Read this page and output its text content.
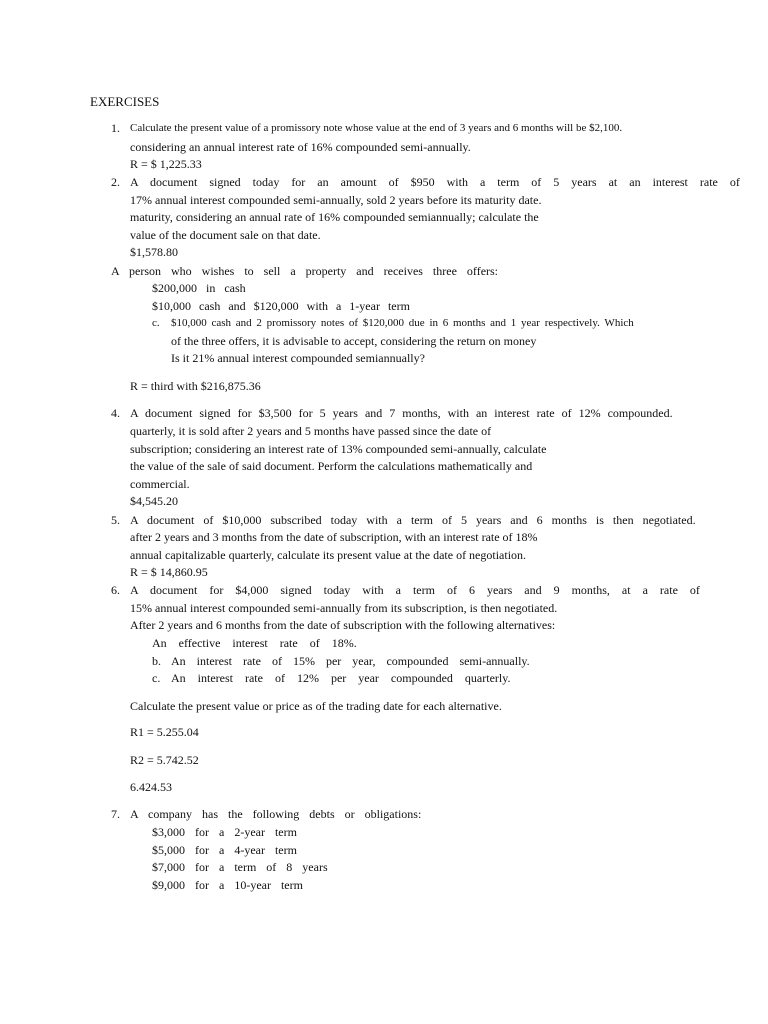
EXERCISES
1. Calculate the present value of a promissory note whose value at the end of 3 years and 6 months will be $2,100.
considering an annual interest rate of 16% compounded semi-annually.
R = $ 1,225.33
2. A document signed today for an amount of $950 with a term of 5 years at an interest rate of
17% annual interest compounded semi-annually, sold 2 years before its maturity date.
maturity, considering an annual rate of 16% compounded semiannually; calculate the
value of the document sale on that date.
$1,578.80
A person who wishes to sell a property and receives three offers:
$200,000 in cash
$10,000 cash and $120,000 with a 1-year term
c. $10,000 cash and 2 promissory notes of $120,000 due in 6 months and 1 year respectively. Which
of the three offers, it is advisable to accept, considering the return on money
Is it 21% annual interest compounded semiannually?
R = third with $216,875.36
4. A document signed for $3,500 for 5 years and 7 months, with an interest rate of 12% compounded.
quarterly, it is sold after 2 years and 5 months have passed since the date of
subscription; considering an interest rate of 13% compounded semi-annually, calculate
the value of the sale of said document. Perform the calculations mathematically and
commercial.
$4,545.20
5. A document of $10,000 subscribed today with a term of 5 years and 6 months is then negotiated.
after 2 years and 3 months from the date of subscription, with an interest rate of 18%
annual capitalizable quarterly, calculate its present value at the date of negotiation.
R = $ 14,860.95
6. A document for $4,000 signed today with a term of 6 years and 9 months, at a rate of
15% annual interest compounded semi-annually from its subscription, is then negotiated.
After 2 years and 6 months from the date of subscription with the following alternatives:
An effective interest rate of 18%.
b. An interest rate of 15% per year, compounded semi-annually.
c. An interest rate of 12% per year compounded quarterly.
Calculate the present value or price as of the trading date for each alternative.
R1 = 5.255.04
R2 = 5.742.52
6.424.53
7. A company has the following debts or obligations:
$3,000 for a 2-year term
$5,000 for a 4-year term
$7,000 for a term of 8 years
$9,000 for a 10-year term
